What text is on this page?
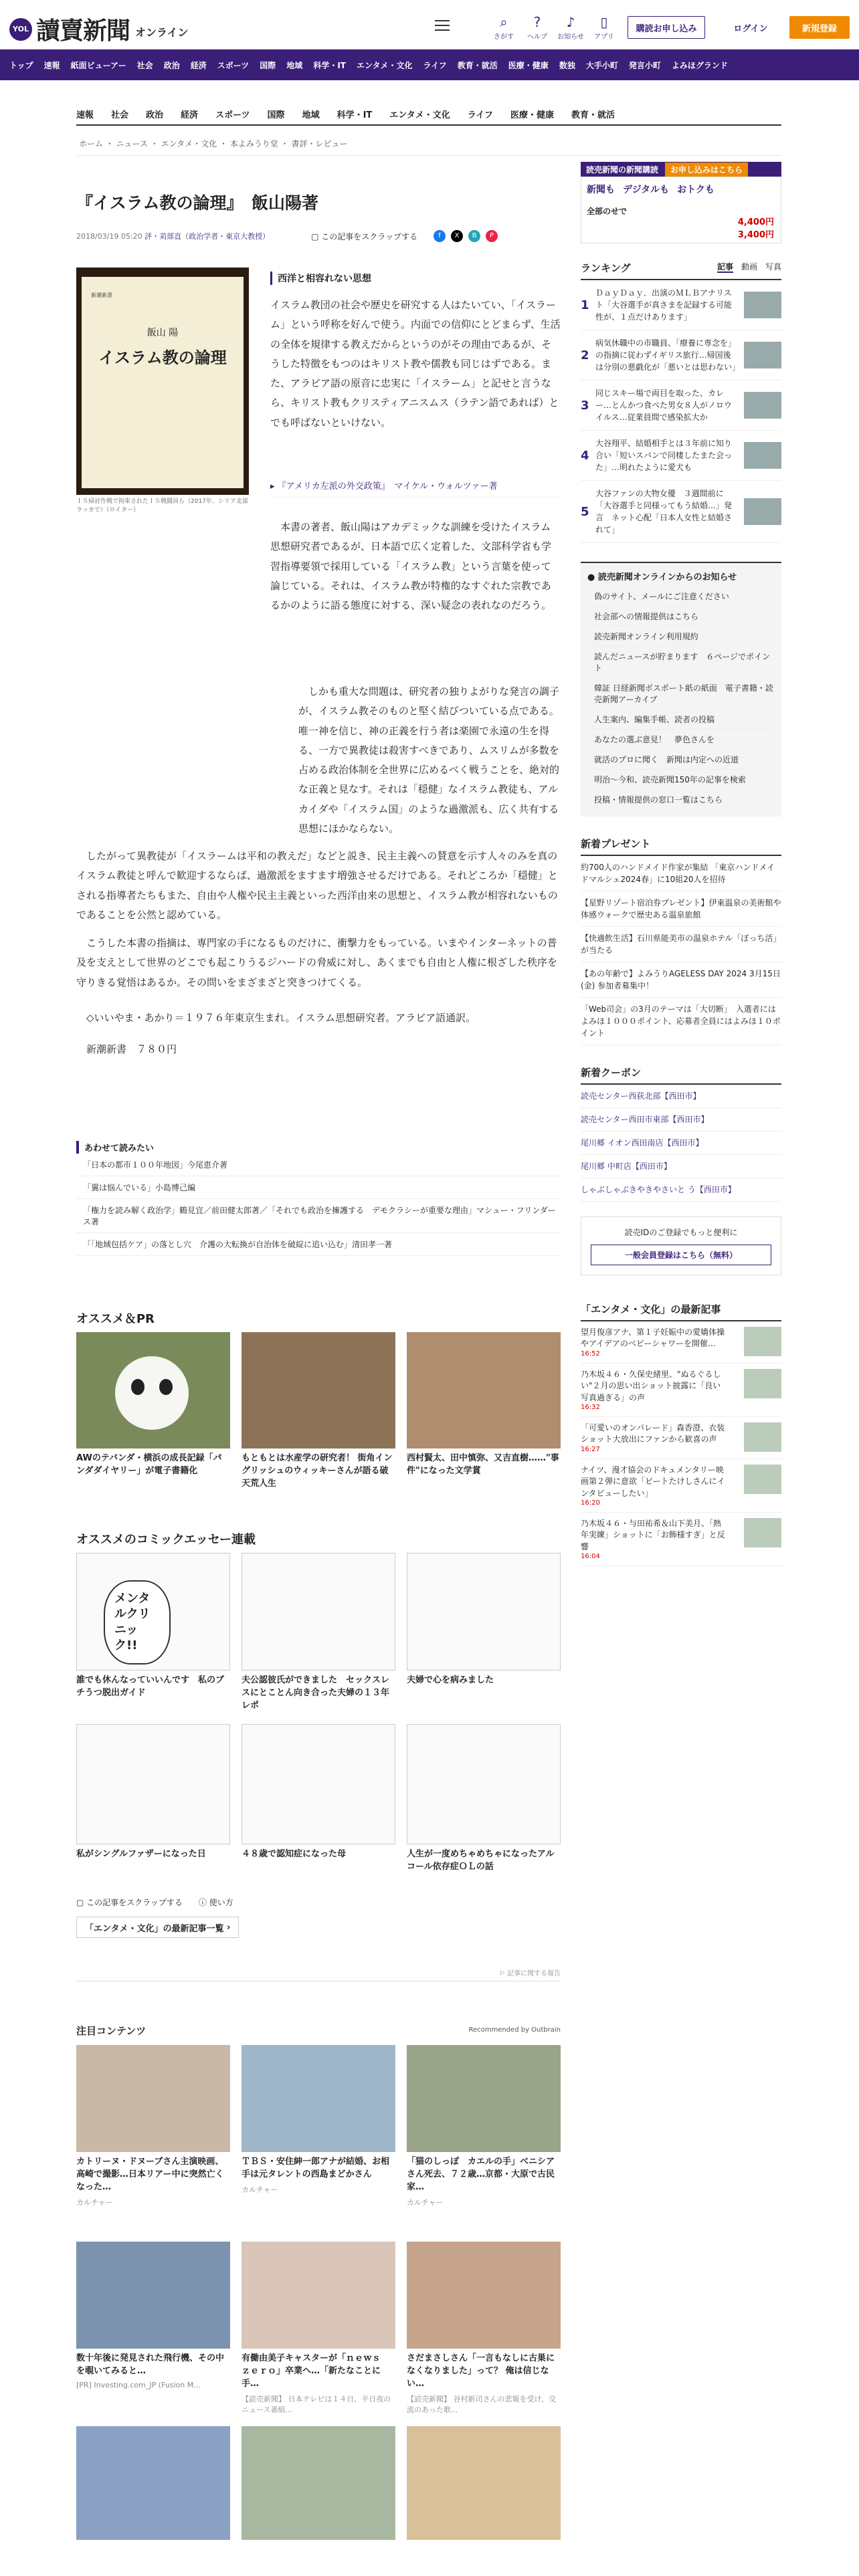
YOL 讀賣新聞 オンライン
⌕
さがす
?
ヘルプ
♪
お知らせ
▯
アプリ
購読お申し込み	ログイン	新規登録
トップ	速報	紙面ビューアー	社会	政治	経済	スポーツ	国際	地域	科学・IT	エンタメ・文化	ライフ	教育・就活	医療・健康	数独	大手小町	発言小町	よみほグランド
速報	社会	政治	経済	スポーツ	国際	地域	科学・IT	エンタメ・文化	ライフ	医療・健康	教育・就活
ホーム ・ ニュース ・ エンタメ・文化 ・ 本よみうり堂 ・ 書評・レビュー
『イスラム教の論理』　飯山陽著
2018/03/19 05:20
評・苅部直（政治学者・東京大教授）	▢ この記事をスクラップする	f	X	B	P
新潮新書
飯山 陽
イスラム教の論理
ＩＳ掃討作戦で拘束されたＩＳ戦闘員ら（2017年、シリア北部ラッカで）（ロイター）
西洋と相容れない思想
イスラム教団の社会や歴史を研究する人はたいてい、「イスラーム」という呼称を好んで使う。内面での信仰にとどまらず、生活の全体を規律する教えだからというのがその理由であるが、そうした特徴をもつのはキリスト教や儒教も同じはずである。また、アラビア語の原音に忠実に「イスラーム」と記せと言うなら、キリスト教もクリスティアニスムス（ラテン語であれば）とでも呼ばないといけない。
▸ 『アメリカ左派の外交政策』　マイケル・ウォルツァー著
本書の著者、飯山陽はアカデミックな訓練を受けたイスラム思想研究者であるが、日本語で広く定着した、文部科学省も学習指導要領で採用している「イスラム教」という言葉を使って論じている。それは、イスラム教が特権的なすぐれた宗教であるかのように語る態度に対する、深い疑念の表れなのだろう。
しかも重大な問題は、研究者の独りよがりな発言の調子が、イスラム教そのものと堅く結びついている点である。唯一神を信じ、神の正義を行う者は楽園で永遠の生を得る、一方で異教徒は殺害すべきであり、ムスリムが多数を占める政治体制を全世界に広めるべく戦うことを、絶対的な正義と見なす。それは「穏健」なイスラム教徒も、アルカイダや「イスラム国」のような過激派も、広く共有する思想にほかならない。
したがって異教徒が「イスラームは平和の教えだ」などと説き、民主主義への賛意を示す人々のみを真のイスラム教徒と呼んで歓迎するならば、過激派をますます増強させるだけである。それどころか「穏健」とされる指導者たちもまた、自由や人権や民主主義といった西洋由来の思想と、イスラム教が相容れないものであることを公然と認めている。
こうした本書の指摘は、専門家の手になるものだけに、衝撃力をもっている。いまやインターネットの普及を支えとして世界のどこでも起こりうるジハードの脅威に対し、あくまでも自由と人権に根ざした秩序を守りきる覚悟はあるか。その問いをまざまざと突きつけてくる。
◇いいやま・あかり＝１９７６年東京生まれ。イスラム思想研究者。アラビア語通訳。
新潮新書　７８０円
あわせて読みたい
「日本の都市１００年地図」今尾恵介著
「翼は悩んでいる」小島博己編
「権力を読み解く政治学」鶴見宜／前田健太郎著／「それでも政治を擁護する　デモクラシーが重要な理由」マシュー・フリンダース著
「「地域包括ケア」の落とし穴　介護の大転換が自治体を破綻に追い込む」清田孝一著
オススメ＆PR
AWのテバンダ・横浜の成長記録「パンダダイヤリー」が電子書籍化
もともとは水産学の研究者！ 街角イングリッシュのウィッキーさんが語る破天荒人生
西村賢太、田中慎弥、又吉直樹……"事件"になった文学賞
オススメのコミックエッセー連載
メンタルクリニック!!
誰でも休んなっていいんです　私のブチうつ脱出ガイド
夫公認彼氏ができました　セックスレスにとことん向き合った夫婦の１３年レポ
夫婦で心を病みました
私がシングルファザーになった日	４８歳で認知症になった母	人生が一度めちゃめちゃになったアルコール依存症ＯＬの話
▢ この記事をスクラップする ⓘ 使い方
「エンタメ・文化」の最新記事一覧 ›
⚐ 記事に関する報告
注目コンテンツ	Recommended by Outbrain
カトリーヌ・ドヌーブさん主演映画、高崎で撮影…日本リアー中に突然亡くなった…
カルチャー
ＴＢＳ・安住紳一郎アナが結婚、お相手は元タレントの西島まどかさん
カルチャー
「猫のしっぽ　カエルの手」ベニシアさん死去、７２歳…京都・大原で古民家…
カルチャー
数十年後に発見された飛行機、その中を覗いてみると…
[PR] Investing.com_JP (Fusion M...
有働由美子キャスターが「ｎｅｗｓ　ｚｅｒｏ」卒業へ…「新たなことに手…
【読売新聞】 日本テレビは１４日、平日夜のニュース番組...
さだまさしさん「一言もなしに古巣になくなりました」って？ 俺は信じない…
【読売新聞】 谷村新司さんの悲報を受け、交流のあった歌...
読売新聞の新聞購読	お申し込みはこちら
新聞も デジタルも おトクも
全部のせで
4,400円
3,400円
ランキング	記事 動画 写真
1
ＤａｙＤａｙ．出演のＭＬＢアナリスト「大谷選手が真さまを記録する可能性が、１点だけあります」
2
病気休職中の市職員、「療養に専念を」の指摘に従わずイギリス旅行…帰国後は分別の悪戯化が「悪いとは思わない」
3
同じスキー場で両目を取った、カレー…とんかつ食べた男女８人がノロウイルス…従業員間で感染拡大か
4
大谷翔平、結婚相手とは３年前に知り合い「短いスパンで同棲したまた会った」…明れたように愛犬も
5
大谷ファンの大物女優　３週間前に「大谷選手と同様ってもう結婚…」発言　ネット心配「日本人女性と結婚されて」
● 読売新聞オンラインからのお知らせ
偽のサイト、メールにご注意ください
社会部への情報提供はこちら
読売新聞オンライン利用規約
読んだニュースが貯まります　６ページでポイント
韓証 日経新聞ボスポート紙の紙面　電子書籍・読売新聞アーカイブ
人生案内、編集手帳、読者の投稿
あなたの選ぶ意見！　夢色さんを
就活のプロに聞く　新聞は内定への近道
明治～今和、読売新聞150年の記事を検索
投稿・情報提供の窓口一覧はこちら
新着プレゼント
約700人のハンドメイド作家が集結 「東京ハンドメイドマルシェ2024春」に10組20人を招待
【星野リゾート宿泊券プレゼント】伊東温泉の美術館や体感ウォークで歴史ある温泉旅館
【快適飲生活】石川県能美市の温泉ホテル「ぼっち活」が当たる
【あの年齢で】よみうりAGELESS DAY 2024 3月15日(金) 参加者募集中！
「Web司会」の3月のテーマは「大切断」　入選者にはよみほ１０００ポイント、応募者全員にはよみほ１０ポイント
新着クーポン
読売センター西荻北部【西田市】
読売センター西田市東部【西田市】
尾川郷 イオン西田南店【西田市】
尾川郷 中町店【西田市】
しゃぶしゃぶきやきやさいと う【西田市】
読売IDのご登録でもっと便利に
一般会員登録はこちら（無料）
「エンタメ・文化」の最新記事
望月俊彦アナ、第１子妊娠中の愛嬌体操やアイデアのベビーシャワーを開催…
16:52
乃木坂４６・久保史緒里、"ぬるぐるしい"２月の思い出ショット披露に「良い写真過ぎる」の声
16:32
「可愛いのオンパレード」森香澄、衣装ショット大放出にファンから歓喜の声
16:27
ナイツ、漫才協会のドキュメンタリー映画第２弾に意欲「ビートたけしさんにインタビューしたい」
16:20
乃木坂４６・与田祐希＆山下美月、「熱年実練」ショットに「お飾様すぎ」と反響
16:04
